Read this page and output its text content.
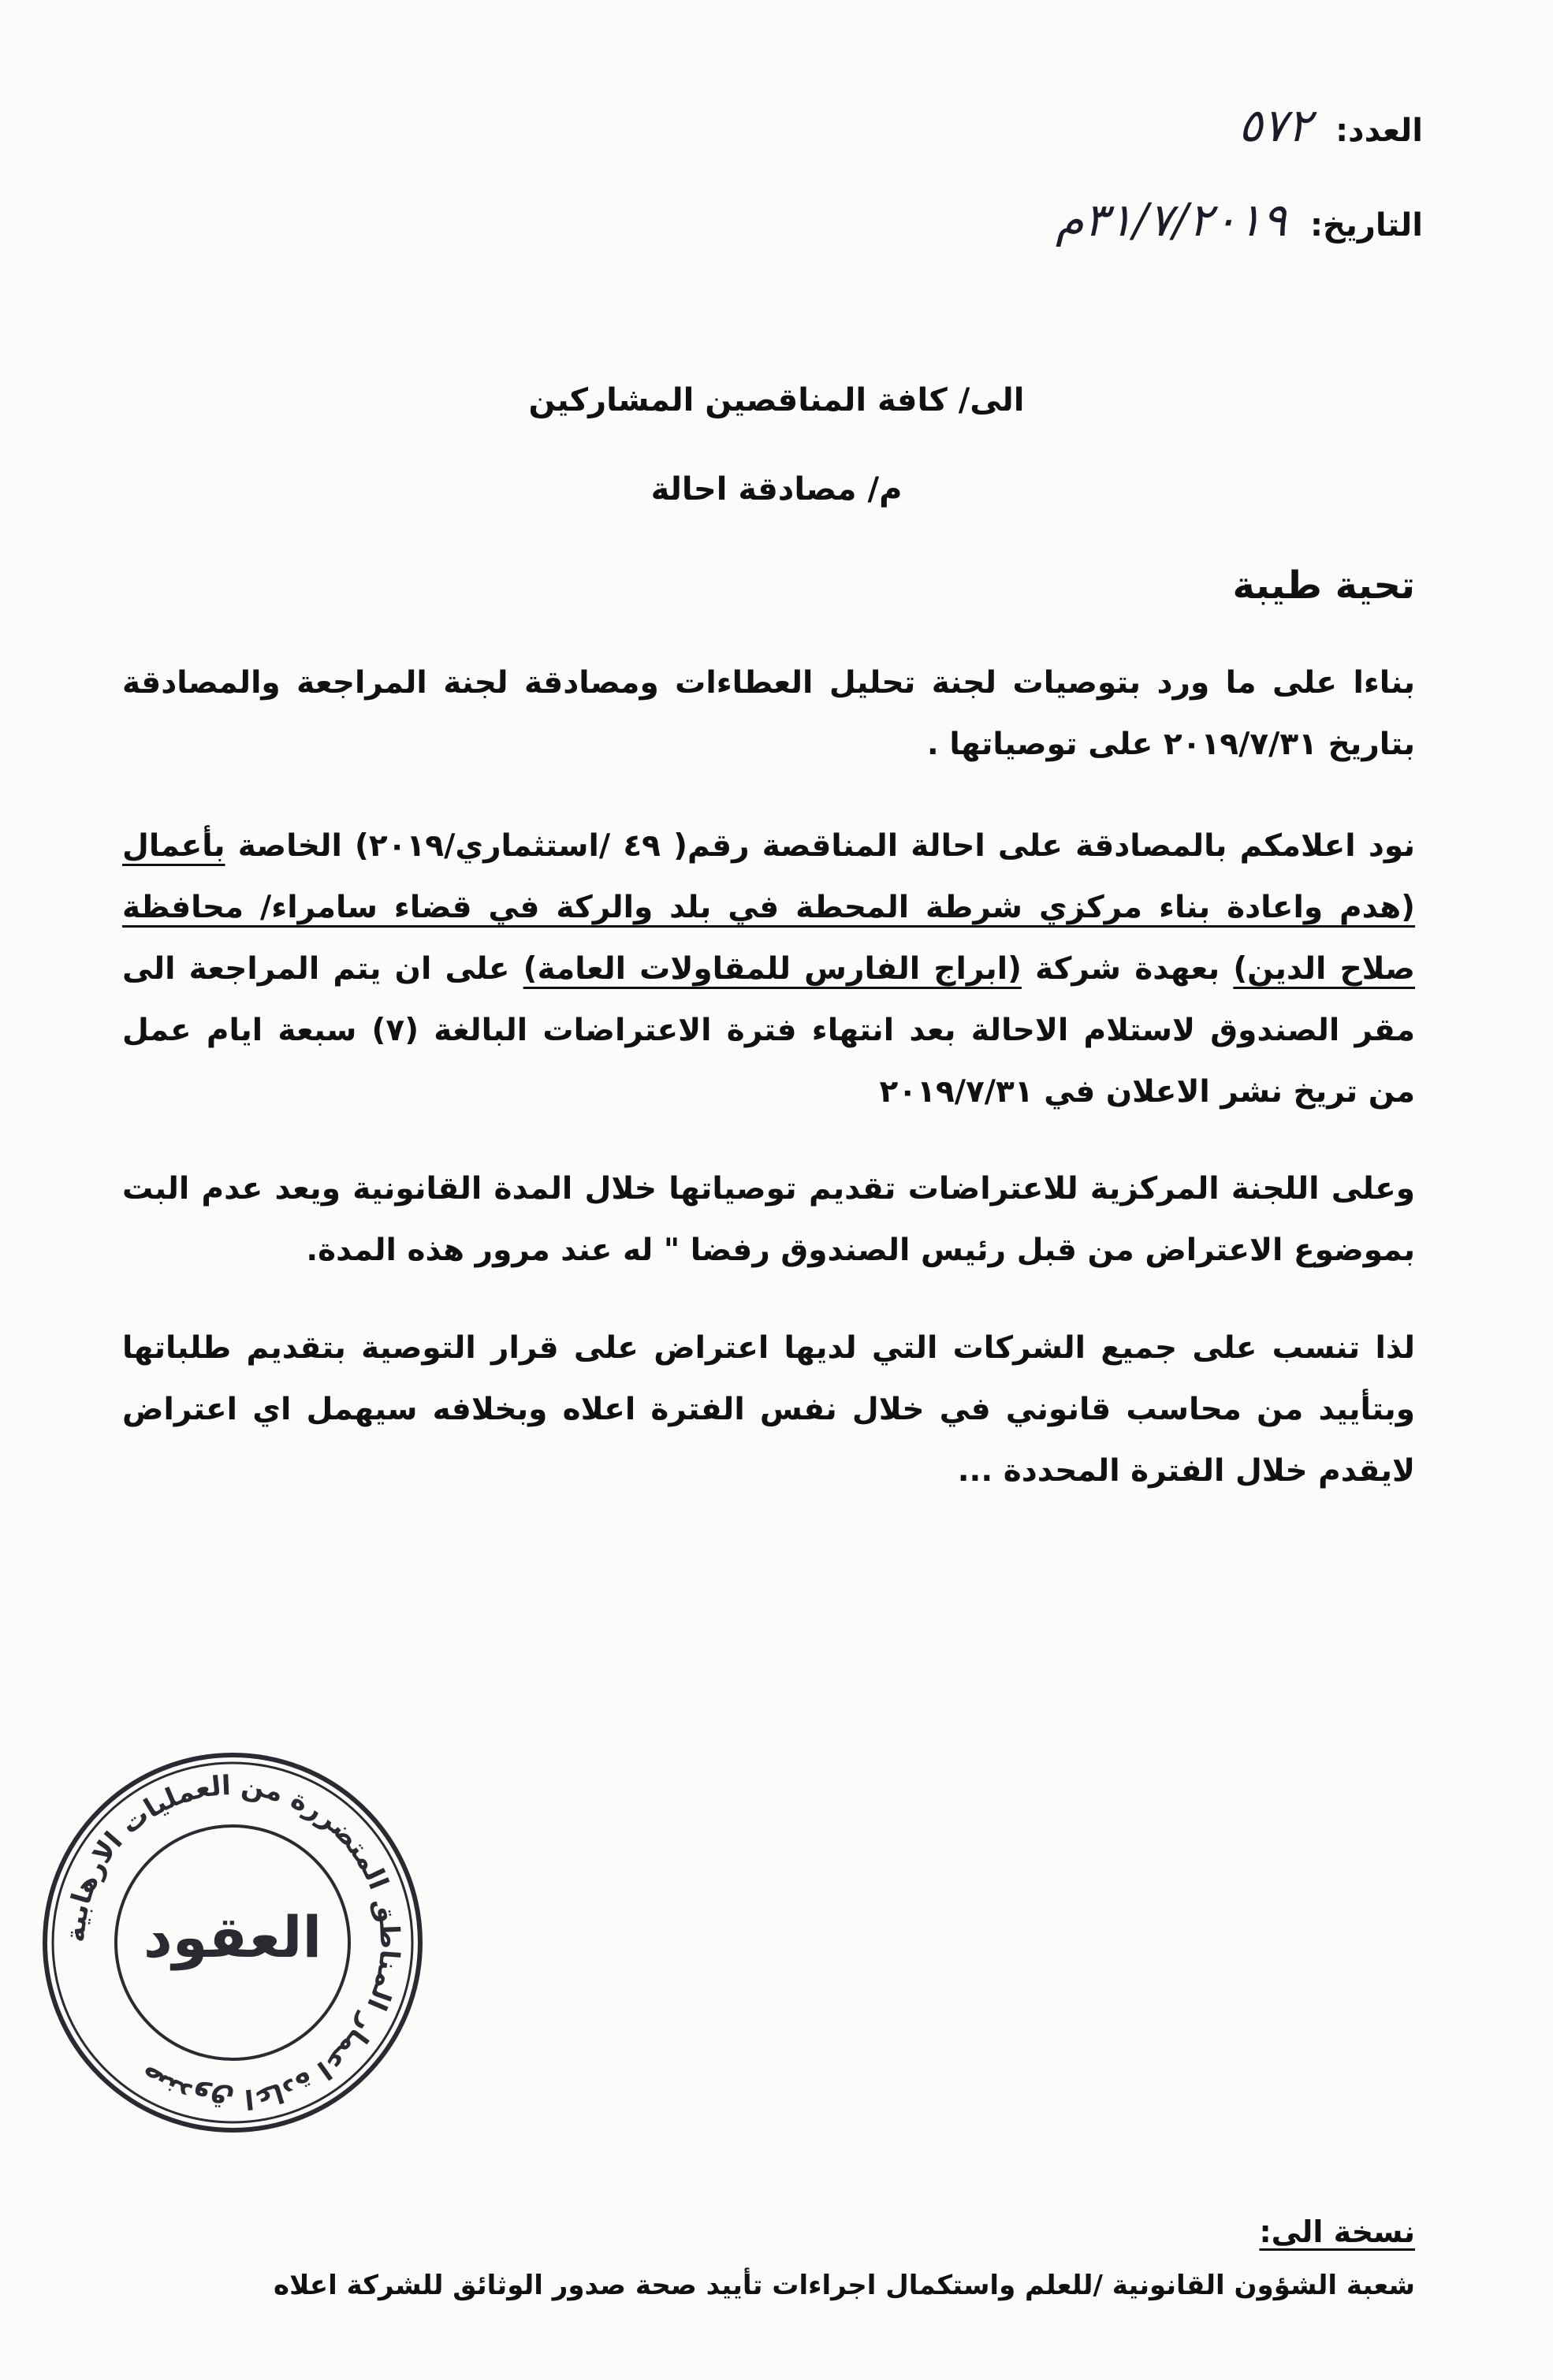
العدد:
٥٧٢
التاريخ:
٣١/٧/٢٠١٩م
الى/ كافة المناقصين المشاركين
م/ مصادقة احالة
تحية طيبة

بناءا على ما ورد بتوصيات لجنة تحليل العطاءات ومصادقة لجنة المراجعة والمصادقة بتاريخ ٢٠١٩/٧/٣١ على توصياتها .

نود اعلامكم بالمصادقة على احالة المناقصة رقم( ٤٩ /استثماري/٢٠١٩) الخاصة بأعمال (هدم واعادة بناء مركزي شرطة المحطة في بلد والركة في قضاء سامراء/ محافظة صلاح الدين) بعهدة شركة (ابراج الفارس للمقاولات العامة) على ان يتم المراجعة الى مقر الصندوق لاستلام الاحالة بعد انتهاء فترة الاعتراضات البالغة (٧) سبعة ايام عمل من تريخ نشر الاعلان في ٢٠١٩/٧/٣١

وعلى اللجنة المركزية للاعتراضات تقديم توصياتها خلال المدة القانونية ويعد عدم البت بموضوع الاعتراض من قبل رئيس الصندوق رفضا " له عند مرور هذه المدة.

لذا تنسب على جميع الشركات التي لديها اعتراض على قرار التوصية بتقديم طلباتها وبتأييد من محاسب قانوني في خلال نفس الفترة اعلاه وبخلافه سيهمل اي اعتراض لايقدم خلال الفترة المحددة ...

صندوق اعادة اعمار المناطق المتضررة من العمليات الارهابية
العقود
نسخة الى:
شعبة الشؤون القانونية /للعلم واستكمال اجراءات تأييد صحة صدور الوثائق للشركة اعلاه
